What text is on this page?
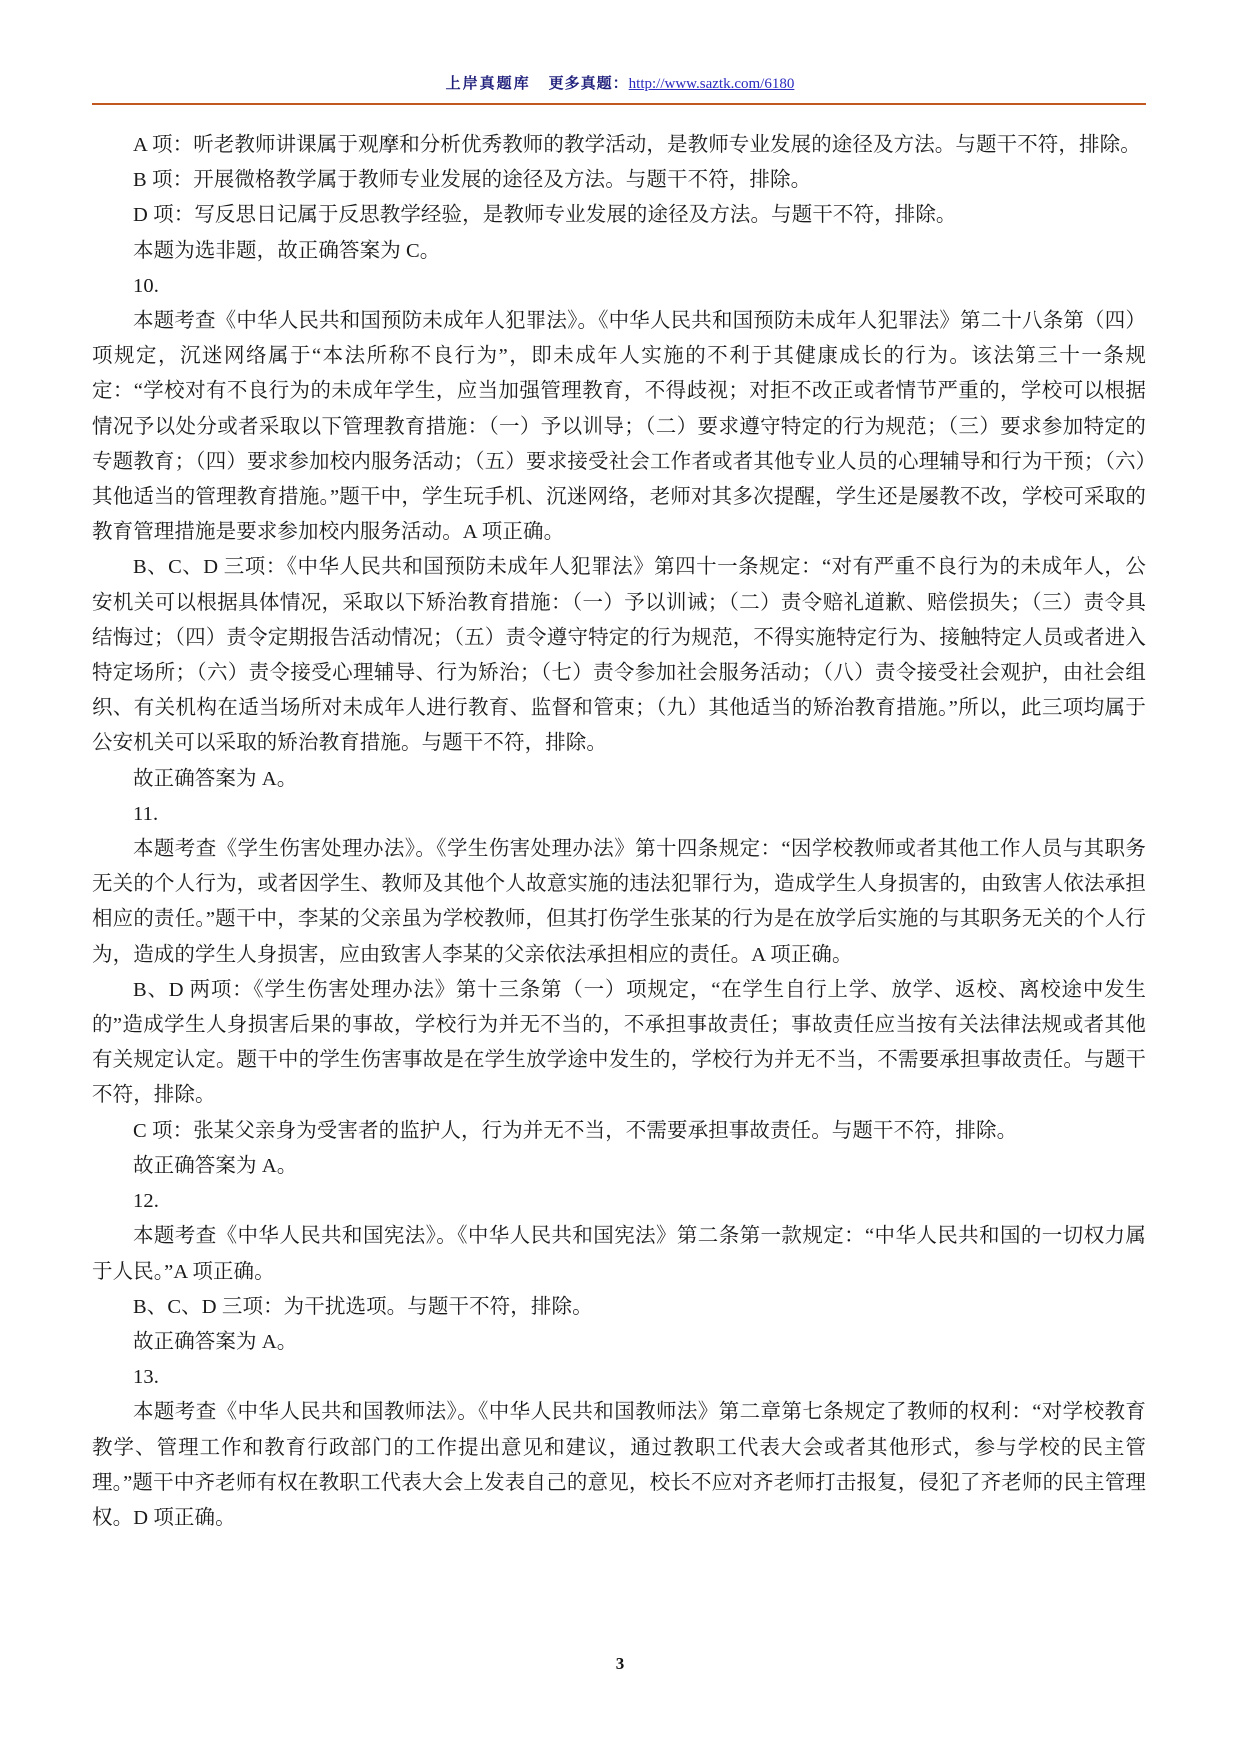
上岸真题库 更多真题：http://www.saztk.com/6180

A 项：听老教师讲课属于观摩和分析优秀教师的教学活动，是教师专业发展的途径及方法。与题干不符，排除。

B 项：开展微格教学属于教师专业发展的途径及方法。与题干不符，排除。

D 项：写反思日记属于反思教学经验，是教师专业发展的途径及方法。与题干不符，排除。

本题为选非题，故正确答案为 C。

10.

本题考查《中华人民共和国预防未成年人犯罪法》。《中华人民共和国预防未成年人犯罪法》第二十八条第（四）项规定，沉迷网络属于“本法所称不良行为”，即未成年人实施的不利于其健康成长的行为。该法第三十一条规定：“学校对有不良行为的未成年学生，应当加强管理教育，不得歧视；对拒不改正或者情节严重的，学校可以根据情况予以处分或者采取以下管理教育措施：（一）予以训导；（二）要求遵守特定的行为规范；（三）要求参加特定的专题教育；（四）要求参加校内服务活动；（五）要求接受社会工作者或者其他专业人员的心理辅导和行为干预；（六）其他适当的管理教育措施。”题干中，学生玩手机、沉迷网络，老师对其多次提醒，学生还是屡教不改，学校可采取的教育管理措施是要求参加校内服务活动。A 项正确。

B、C、D 三项：《中华人民共和国预防未成年人犯罪法》第四十一条规定：“对有严重不良行为的未成年人，公安机关可以根据具体情况，采取以下矫治教育措施：（一）予以训诫；（二）责令赔礼道歉、赔偿损失；（三）责令具结悔过；（四）责令定期报告活动情况；（五）责令遵守特定的行为规范，不得实施特定行为、接触特定人员或者进入特定场所；（六）责令接受心理辅导、行为矫治；（七）责令参加社会服务活动；（八）责令接受社会观护，由社会组织、有关机构在适当场所对未成年人进行教育、监督和管束；（九）其他适当的矫治教育措施。”所以，此三项均属于公安机关可以采取的矫治教育措施。与题干不符，排除。

故正确答案为 A。

11.

本题考查《学生伤害处理办法》。《学生伤害处理办法》第十四条规定：“因学校教师或者其他工作人员与其职务无关的个人行为，或者因学生、教师及其他个人故意实施的违法犯罪行为，造成学生人身损害的，由致害人依法承担相应的责任。”题干中，李某的父亲虽为学校教师，但其打伤学生张某的行为是在放学后实施的与其职务无关的个人行为，造成的学生人身损害，应由致害人李某的父亲依法承担相应的责任。A 项正确。

B、D 两项：《学生伤害处理办法》第十三条第（一）项规定，“在学生自行上学、放学、返校、离校途中发生的”造成学生人身损害后果的事故，学校行为并无不当的，不承担事故责任；事故责任应当按有关法律法规或者其他有关规定认定。题干中的学生伤害事故是在学生放学途中发生的，学校行为并无不当，不需要承担事故责任。与题干不符，排除。

C 项：张某父亲身为受害者的监护人，行为并无不当，不需要承担事故责任。与题干不符，排除。

故正确答案为 A。

12.

本题考查《中华人民共和国宪法》。《中华人民共和国宪法》第二条第一款规定：“中华人民共和国的一切权力属于人民。”A 项正确。

B、C、D 三项：为干扰选项。与题干不符，排除。

故正确答案为 A。

13.

本题考查《中华人民共和国教师法》。《中华人民共和国教师法》第二章第七条规定了教师的权利：“对学校教育教学、管理工作和教育行政部门的工作提出意见和建议，通过教职工代表大会或者其他形式，参与学校的民主管理。”题干中齐老师有权在教职工代表大会上发表自己的意见，校长不应对齐老师打击报复，侵犯了齐老师的民主管理权。D 项正确。

3
